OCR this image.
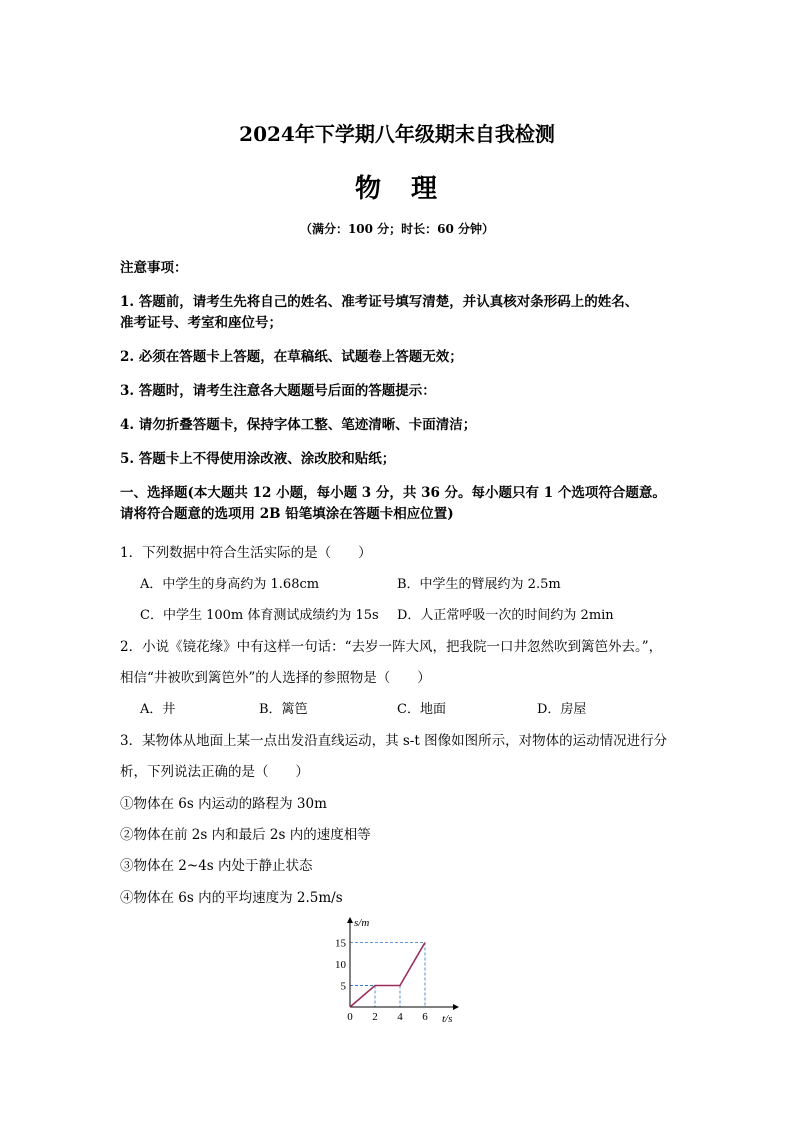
2024年下学期八年级期末自我检测
物　理
（满分：100 分；时长：60 分钟）
注意事项：
1. 答题前，请考生先将自己的姓名、准考证号填写清楚，并认真核对条形码上的姓名、
准考证号、考室和座位号；
2. 必须在答题卡上答题，在草稿纸、试题卷上答题无效；
3. 答题时，请考生注意各大题题号后面的答题提示：
4. 请勿折叠答题卡，保持字体工整、笔迹清晰、卡面清洁；
5. 答题卡上不得使用涂改液、涂改胶和贴纸；
一、选择题(本大题共 12 小题，每小题 3 分，共 36 分。每小题只有 1 个选项符合题意。
请将符合题意的选项用 2B 铅笔填涂在答题卡相应位置)
1．下列数据中符合生活实际的是（　　）
A．中学生的身高约为 1.68cm	B．中学生的臂展约为 2.5m
C．中学生 100m 体育测试成绩约为 15s D．人正常呼吸一次的时间约为 2min
2．小说《镜花缘》中有这样一句话：“去岁一阵大风，把我院一口井忽然吹到篱笆外去。”，
相信“井被吹到篱笆外”的人选择的参照物是（　　）
A．井	B．篱笆	C．地面	D．房屋
3．某物体从地面上某一点出发沿直线运动，其 s-t 图像如图所示，对物体的运动情况进行分
析，下列说法正确的是（　　）
①物体在 6s 内运动的路程为 30m
②物体在前 2s 内和最后 2s 内的速度相等
③物体在 2~4s 内处于静止状态
④物体在 6s 内的平均速度为 2.5m/s
0 2 4 6
5
10
15
s/m
t/s
